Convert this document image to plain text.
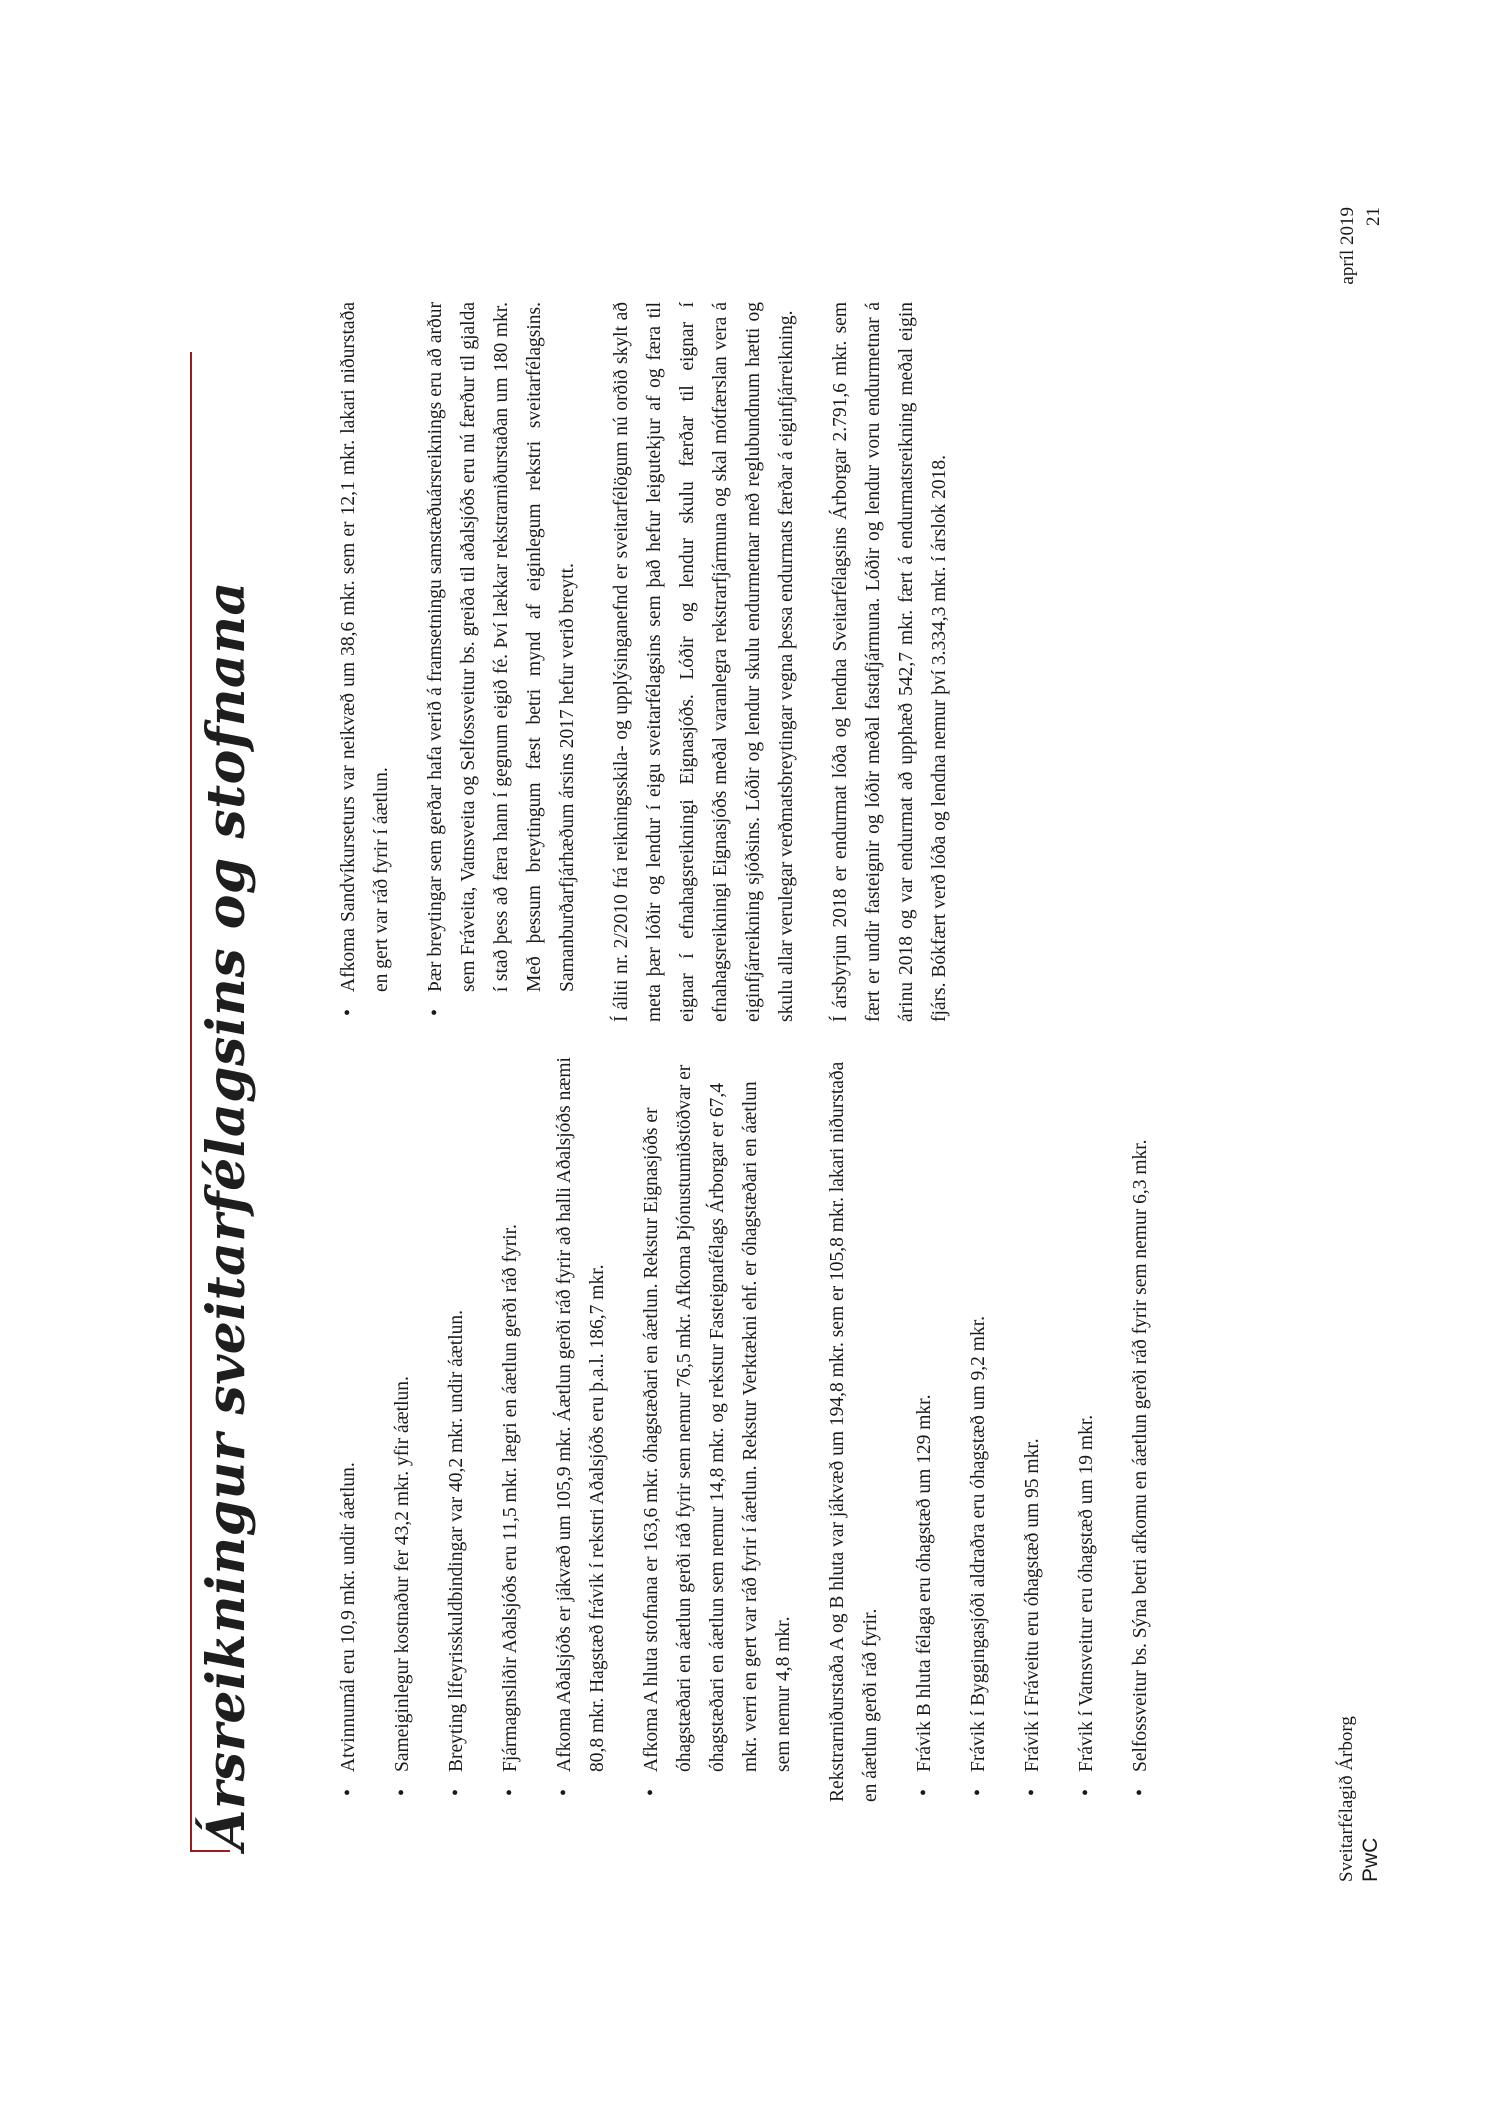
Ársreikningur sveitarfélagsins og stofnana	• Atvinnumál eru 10,9 mkr. undir áætlun.	• Sameiginlegur kostnaður fer 43,2 mkr. yfir áætlun.	• Breyting lífeyrisskuldbindingar var 40,2 mkr. undir áætlun.	• Fjármagnsliðir Aðalsjóðs eru 11,5 mkr. lægri en áætlun gerði ráð fyrir.	• Afkoma Aðalsjóðs er jákvæð um 105,9 mkr. Áætlun gerði ráð fyrir að halli Aðalsjóðs næmi 80,8 mkr. Hagstæð frávik í rekstri Aðalsjóðs eru þ.a.l. 186,7 mkr.	• Afkoma A hluta stofnana er 163,6 mkr. óhagstæðari en áætlun. Rekstur Eignasjóðs er óhagstæðari en áætlun gerði ráð fyrir sem nemur 76,5 mkr. Afkoma Þjónustumiðstöðvar er óhagstæðari en áætlun sem nemur 14,8 mkr. og rekstur Fasteignafélags Árborgar er 67,4 mkr. verri en gert var ráð fyrir í áætlun. Rekstur Verktækni ehf. er óhagstæðari en áætlun sem nemur 4,8 mkr.	Rekstrarniðurstaða A og B hluta var jákvæð um 194,8 mkr. sem er 105,8 mkr. lakari niðurstaða en áætlun gerði ráð fyrir.	• Frávik B hluta félaga eru óhagstæð um 129 mkr.	• Frávik í Byggingasjóði aldraðra eru óhagstæð um 9,2 mkr.	• Frávik í Fráveitu eru óhagstæð um 95 mkr.	• Frávik í Vatnsveitur eru óhagstæð um 19 mkr.	• Selfossveitur bs. Sýna betri afkomu en áætlun gerði ráð fyrir sem nemur 6,3 mkr.

• Afkoma Sandvíkurseturs var neikvæð um 38,6 mkr. sem er 12,1 mkr. lakari niðurstaða en gert var ráð fyrir í áætlun.	• Þær breytingar sem gerðar hafa verið á framsetningu samstæðuársreiknings eru að arður sem Fráveita, Vatnsveita og Selfossveitur bs. greiða til aðalsjóðs eru nú færður til gjalda í stað þess að færa hann í gegnum eigið fé. Því lækkar rekstrarniðurstaðan um 180 mkr. Með þessum breytingum fæst betri mynd af eiginlegum rekstri sveitarfélagsins. Samanburðarfjárhæðum ársins 2017 hefur verið breytt.	Í áliti nr. 2/2010 frá reikningsskila- og upplýsinganefnd er sveitarfélögum nú orðið skylt að meta þær lóðir og lendur í eigu sveitarfélagsins sem það hefur leigutekjur af og færa til eignar í efnahagsreikningi Eignasjóðs. Lóðir og lendur skulu færðar til eignar í efnahagsreikningi Eignasjóðs meðal varanlegra rekstrarfjármuna og skal mótfærslan vera á eiginfjárreikning sjóðsins. Lóðir og lendur skulu endurmetnar með reglubundnum hætti og skulu allar verulegar verðmatsbreytingar vegna þessa endurmats færðar á eiginfjárreikning.	Í ársbyrjun 2018 er endurmat lóða og lendna Sveitarfélagsins Árborgar 2.791,6 mkr. sem fært er undir fasteignir og lóðir meðal fastafjármuna. Lóðir og lendur voru endurmetnar á árinu 2018 og var endurmat að upphæð 542,7 mkr. fært á endurmatsreikning meðal eigin fjárs. Bókfært verð lóða og lendna nemur því 3.334,3 mkr. í árslok 2018.

Sveitarfélagið Árborg PwC
apríl 2019 21
